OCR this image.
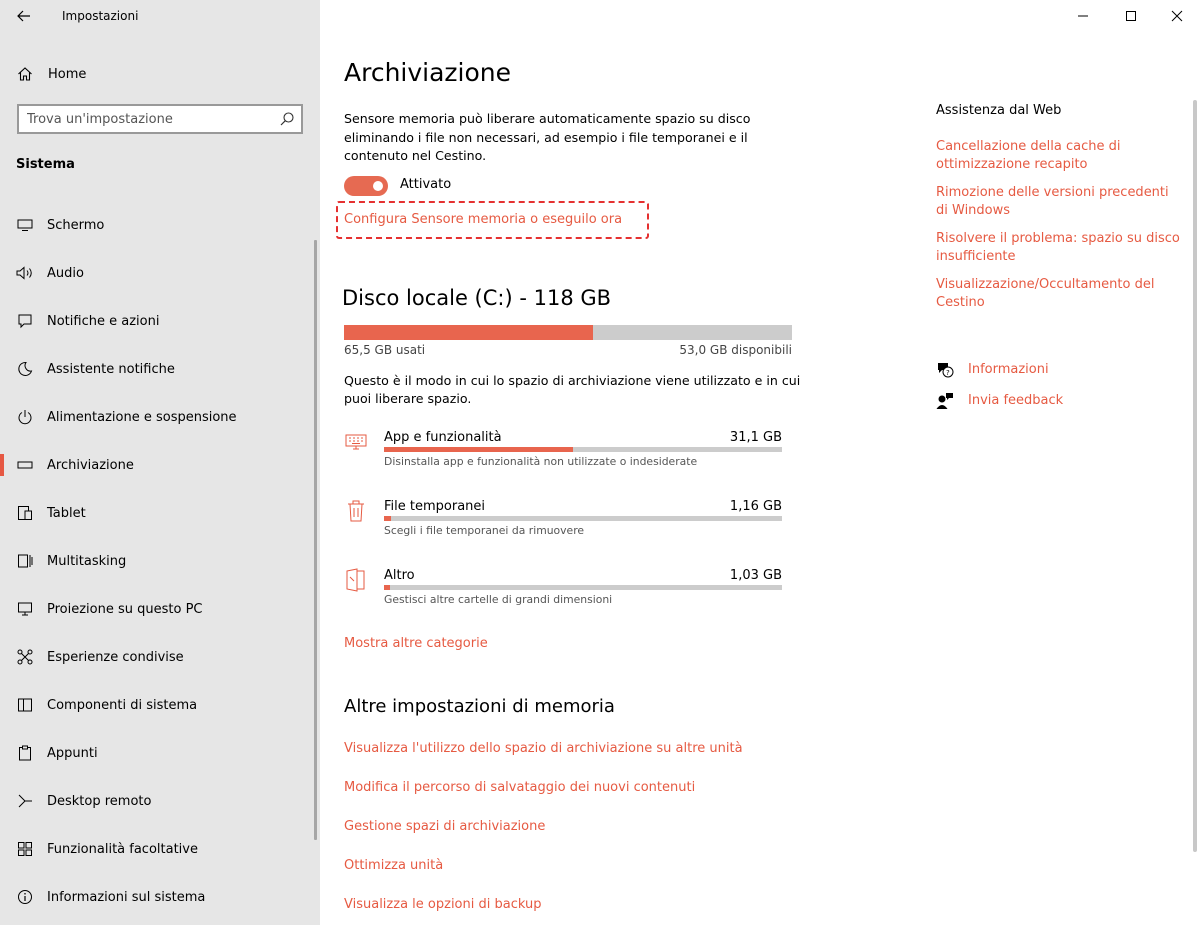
Impostazioni
Home
Trova un'impostazione
Sistema
Schermo
Audio
Notifiche e azioni
Assistente notifiche
Alimentazione e sospensione
Archiviazione
Tablet
Multitasking
Proiezione su questo PC
Esperienze condivise
Componenti di sistema
Appunti
Desktop remoto
Funzionalità facoltative
Informazioni sul sistema
Archiviazione

Sensore memoria può liberare automaticamente spazio su disco eliminando i file non necessari, ad esempio i file temporanei e il contenuto nel Cestino.

Attivato
Configura Sensore memoria o eseguilo ora
Disco locale (C:) - 118 GB
65,5 GB usati	53,0 GB disponibili

Questo è il modo in cui lo spazio di archiviazione viene utilizzato e in cui puoi liberare spazio.

App e funzionalità	31,1 GB
Disinstalla app e funzionalità non utilizzate o indesiderate
File temporanei	1,16 GB
Scegli i file temporanei da rimuovere
Altro	1,03 GB
Gestisci altre cartelle di grandi dimensioni
Mostra altre categorie
Altre impostazioni di memoria
Visualizza l'utilizzo dello spazio di archiviazione su altre unità
Modifica il percorso di salvataggio dei nuovi contenuti
Gestione spazi di archiviazione
Ottimizza unità
Visualizza le opzioni di backup
Assistenza dal Web
Cancellazione della cache di ottimizzazione recapito
Rimozione delle versioni precedenti di Windows
Risolvere il problema: spazio su disco insufficiente
Visualizzazione/Occultamento del Cestino
? Informazioni
Invia feedback
